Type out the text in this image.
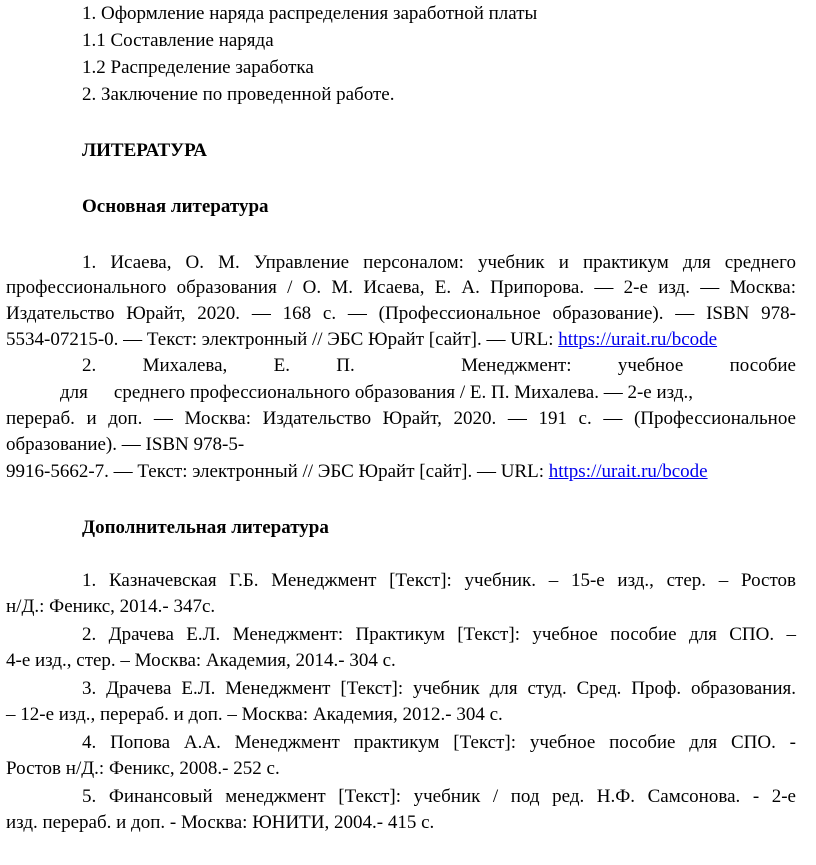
1. Оформление наряда распределения заработной платы
1.1 Составление наряда
1.2 Распределение заработка
2. Заключение по проведенной работе.
ЛИТЕРАТУРА
Основная литература
1. Исаева, О. М. Управление персоналом: учебник и практикум для среднего
профессионального образования / О. М. Исаева, Е. А. Припорова. — 2-е изд. — Москва:
Издательство Юрайт, 2020. — 168 с. — (Профессиональное образование). — ISBN 978-
5534-07215-0. — Текст: электронный // ЭБС Юрайт [сайт]. — URL: https://urait.ru/bcode
2. Михалева, Е. П.	Менеджмент: учебное пособие
для среднего профессионального образования / Е. П. Михалева. — 2-е изд.,
перераб. и доп. — Москва: Издательство Юрайт, 2020. — 191 с. — (Профессиональное
образование). — ISBN 978-5-
9916-5662-7. — Текст: электронный // ЭБС Юрайт [сайт]. — URL: https://urait.ru/bcode
Дополнительная литература
1. Казначевская Г.Б. Менеджмент [Текст]: учебник. – 15-е изд., стер. – Ростов
н/Д.: Феникс, 2014.- 347с.
2. Драчева Е.Л. Менеджмент: Практикум [Текст]: учебное пособие для СПО. –
4-е изд., стер. – Москва: Академия, 2014.- 304 с.
3. Драчева Е.Л. Менеджмент [Текст]: учебник для студ. Сред. Проф. образования.
– 12-е изд., перераб. и доп. – Москва: Академия, 2012.- 304 с.
4. Попова А.А. Менеджмент практикум [Текст]: учебное пособие для СПО. -
Ростов н/Д.: Феникс, 2008.- 252 с.
5. Финансовый менеджмент [Текст]: учебник / под ред. Н.Ф. Самсонова. - 2-е
изд. перераб. и доп. - Москва: ЮНИТИ, 2004.- 415 с.
